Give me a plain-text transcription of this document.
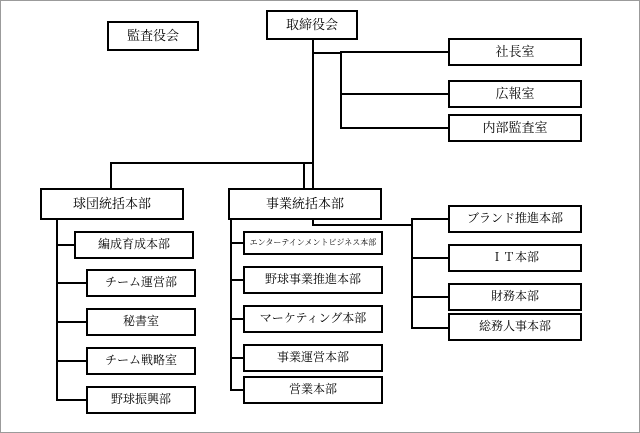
監査役会
取締役会
社長室
広報室
内部監査室
球団統括本部	事業統括本部
編成育成本部
チーム運営部
秘書室
チーム戦略室
野球振興部
エンターテインメントビジネス本部
野球事業推進本部
マーケティング本部
事業運営本部
営業本部
ブランド推進本部
ＩＴ本部
財務本部
総務人事本部
